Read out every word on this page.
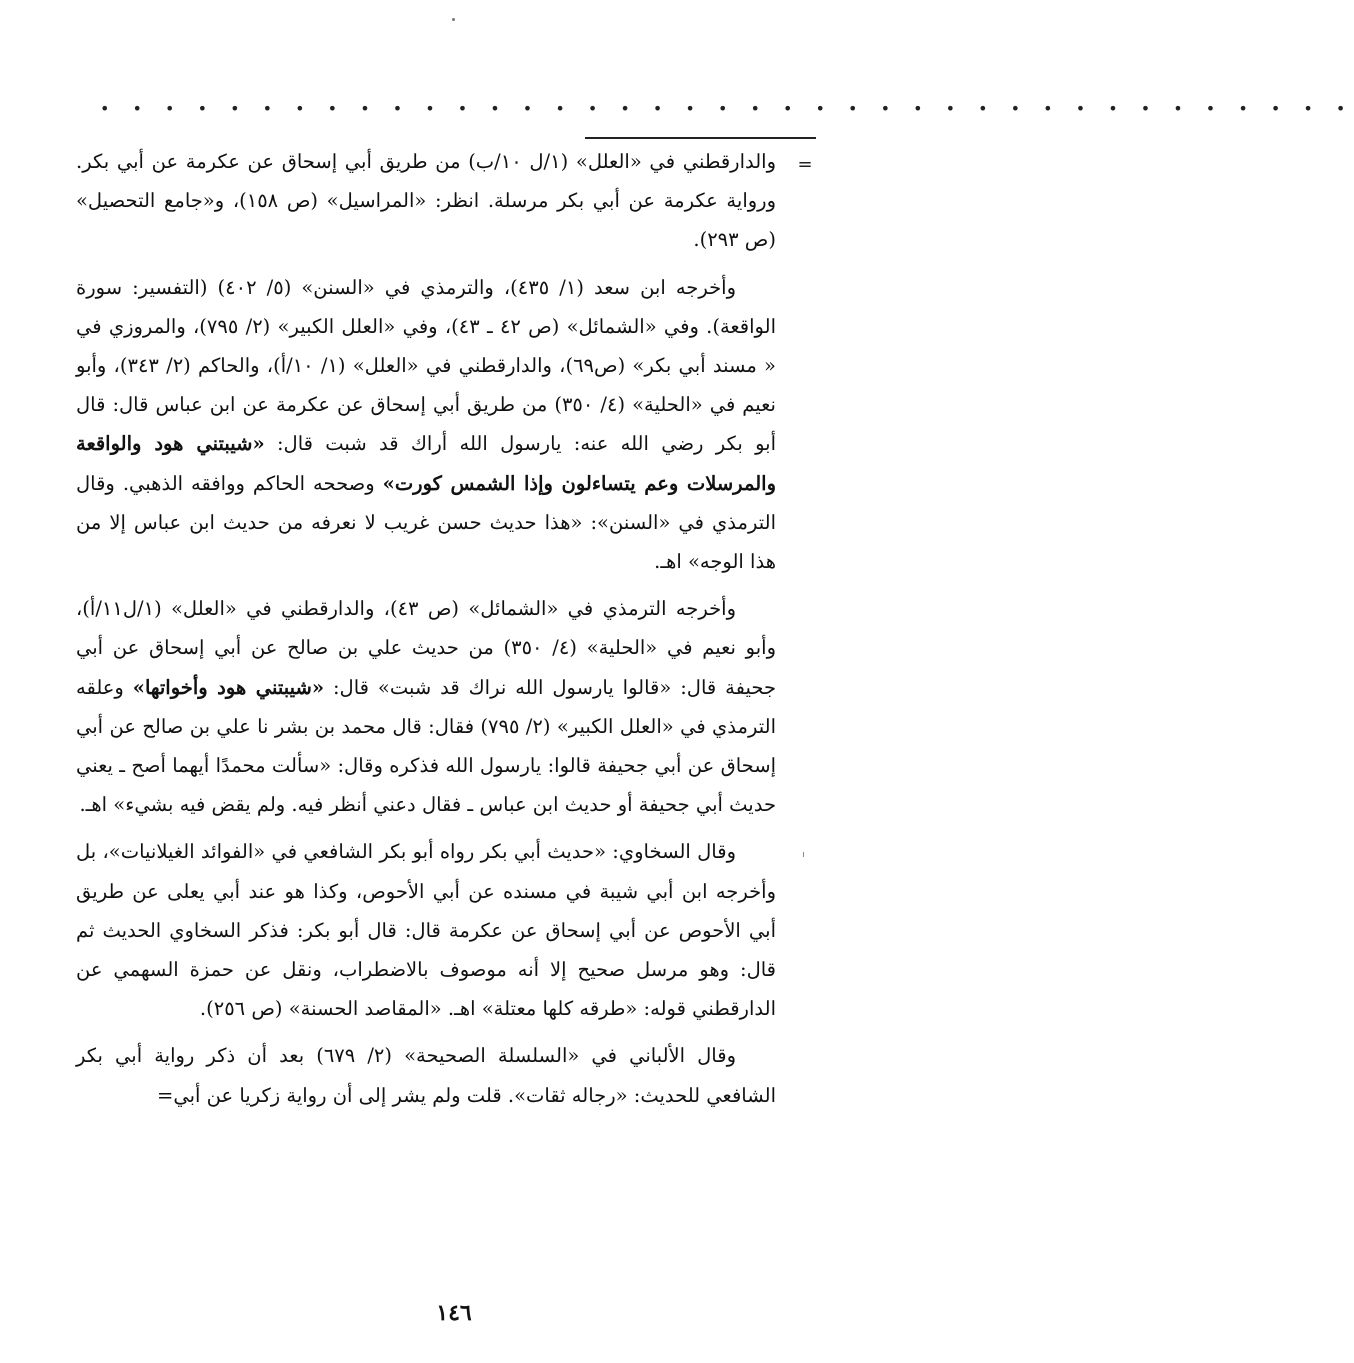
• • • • • • • • • • • • • • • • • • • • • • • • • • • • • • • • • • • • • • •
=

والدارقطني في «العلل» (١/ل ١٠/ب) من طريق أبي إسحاق عن عكرمة عن أبي بكر. ورواية عكرمة عن أبي بكر مرسلة. انظر: «المراسيل» (ص ١٥٨)، و«جامع التحصيل» (ص ٢٩٣).

وأخرجه ابن سعد (١/ ٤٣٥)، والترمذي في «السنن» (٥/ ٤٠٢) (التفسير: سورة الواقعة). وفي «الشمائل» (ص ٤٢ ـ ٤٣)، وفي «العلل الكبير» (٢/ ٧٩٥)، والمروزي في « مسند أبي بكر» (ص٦٩)، والدارقطني في «العلل» (١/ ١٠/أ)، والحاكم (٢/ ٣٤٣)، وأبو نعيم في «الحلية» (٤/ ٣٥٠) من طريق أبي إسحاق عن عكرمة عن ابن عباس قال: قال أبو بكر رضي الله عنه: يارسول الله أراك قد شبت قال: «شيبتني هود والواقعة والمرسلات وعم يتساءلون وإذا الشمس كورت» وصححه الحاكم ووافقه الذهبي. وقال الترمذي في «السنن»: «هذا حديث حسن غريب لا نعرفه من حديث ابن عباس إلا من هذا الوجه» اهـ.

وأخرجه الترمذي في «الشمائل» (ص ٤٣)، والدارقطني في «العلل» (١/ل١١/أ)، وأبو نعيم في «الحلية» (٤/ ٣٥٠) من حديث علي بن صالح عن أبي إسحاق عن أبي جحيفة قال: «قالوا يارسول الله نراك قد شبت» قال: «شيبتني هود وأخواتها» وعلقه الترمذي في «العلل الكبير» (٢/ ٧٩٥) فقال: قال محمد بن بشر نا علي بن صالح عن أبي إسحاق عن أبي جحيفة قالوا: يارسول الله فذكره وقال: «سألت محمدًا أيهما أصح ـ يعني حديث أبي جحيفة أو حديث ابن عباس ـ فقال دعني أنظر فيه. ولم يقض فيه بشيء» اهـ.

وقال السخاوي: «حديث أبي بكر رواه أبو بكر الشافعي في «الفوائد الغيلانيات»، بل وأخرجه ابن أبي شيبة في مسنده عن أبي الأحوص، وكذا هو عند أبي يعلى عن طريق أبي الأحوص عن أبي إسحاق عن عكرمة قال: قال أبو بكر: فذكر السخاوي الحديث ثم قال: وهو مرسل صحيح إلا أنه موصوف بالاضطراب، ونقل عن حمزة السهمي عن الدارقطني قوله: «طرقه كلها معتلة» اهـ. «المقاصد الحسنة» (ص ٢٥٦).

وقال الألباني في «السلسلة الصحيحة» (٢/ ٦٧٩) بعد أن ذكر رواية أبي بكر الشافعي للحديث: «رجاله ثقات». قلت ولم يشر إلى أن رواية زكريا عن أبي=

١٤٦
